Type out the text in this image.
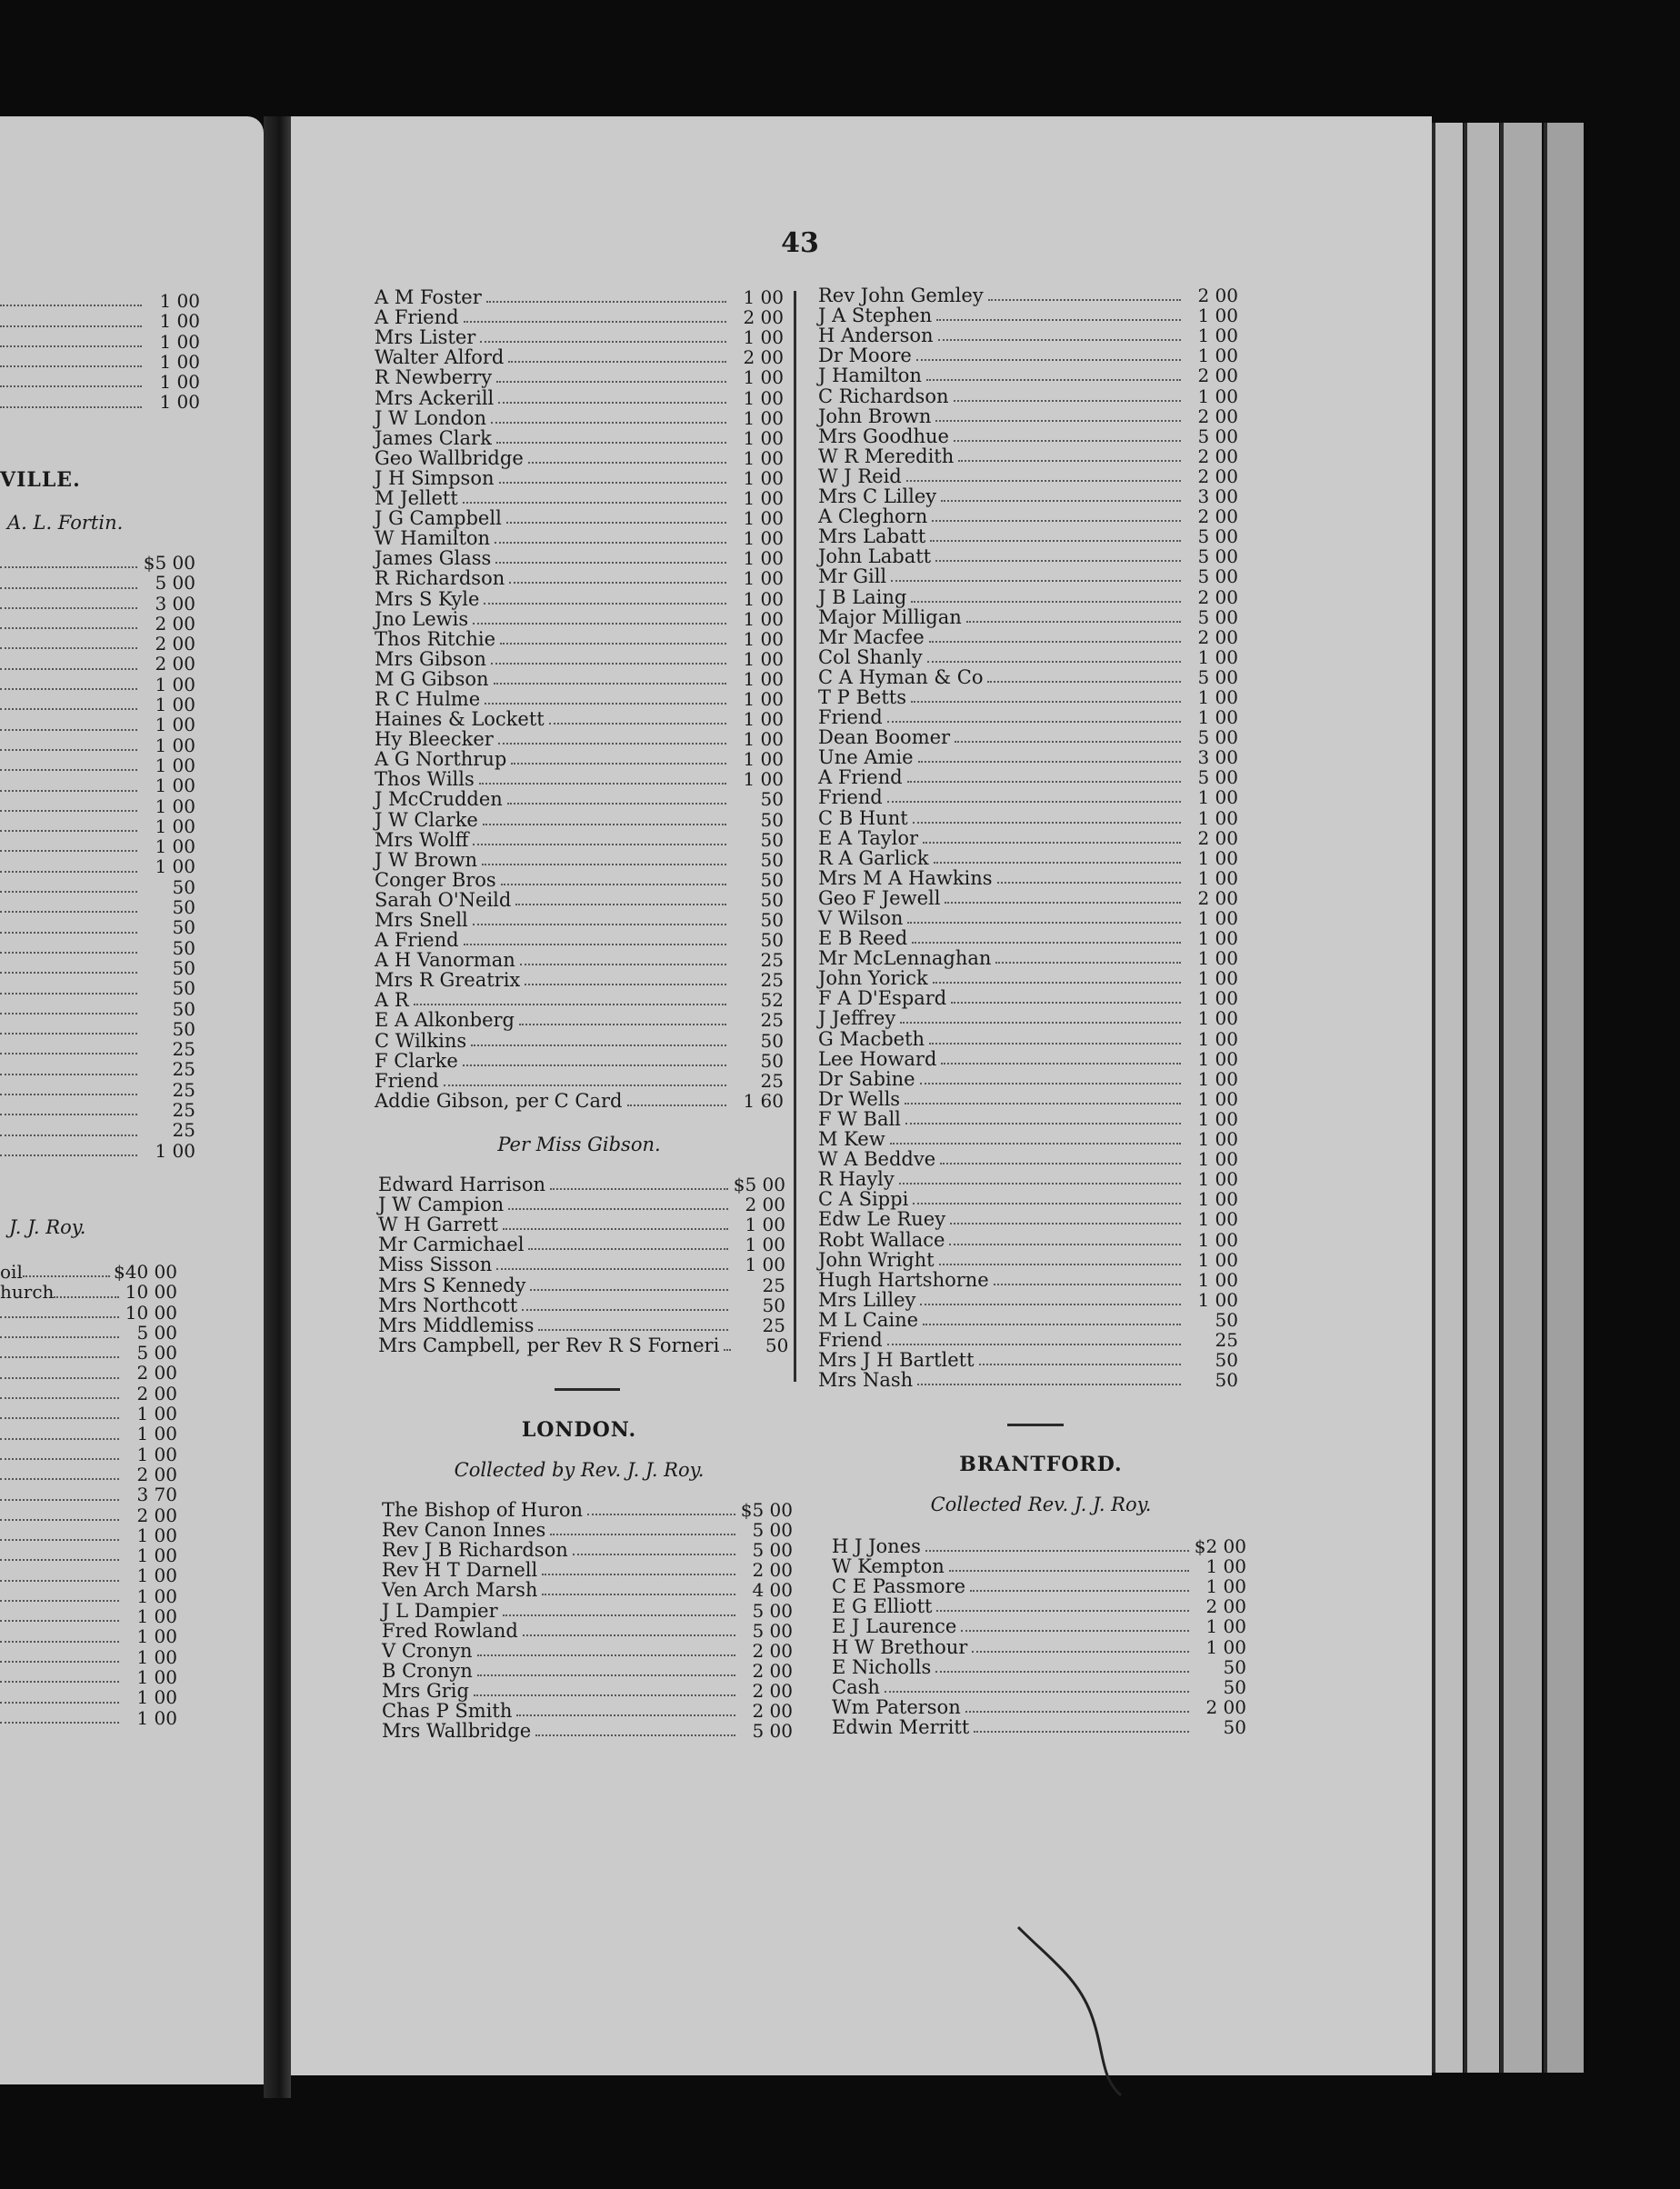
1 00
1 00
1 00
1 00
1 00
1 00
VILLE.
A. L. Fortin.
$5 00
5 00
3 00
2 00
2 00
2 00
1 00
1 00
1 00
1 00
1 00
1 00
1 00
1 00
1 00
1 00
50
50
50
50
50
50
50
50
25
25
25
25
25
1 00
J. J. Roy.
oil	$40 00
hurch	10 00
10 00
5 00
5 00
2 00
2 00
1 00
1 00
1 00
2 00
3 70
2 00
1 00
1 00
1 00
1 00
1 00
1 00
1 00
1 00
1 00
1 00
43
A M Foster	1 00
A Friend	2 00
Mrs Lister	1 00
Walter Alford	2 00
R Newberry	1 00
Mrs Ackerill	1 00
J W London	1 00
James Clark	1 00
Geo Wallbridge	1 00
J H Simpson	1 00
M Jellett	1 00
J G Campbell	1 00
W Hamilton	1 00
James Glass	1 00
R Richardson	1 00
Mrs S Kyle	1 00
Jno Lewis	1 00
Thos Ritchie	1 00
Mrs Gibson	1 00
M G Gibson	1 00
R C Hulme	1 00
Haines & Lockett	1 00
Hy Bleecker	1 00
A G Northrup	1 00
Thos Wills	1 00
J McCrudden	50
J W Clarke	50
Mrs Wolff	50
J W Brown	50
Conger Bros	50
Sarah O'Neild	50
Mrs Snell	50
A Friend	50
A H Vanorman	25
Mrs R Greatrix	25
A R	52
E A Alkonberg	25
C Wilkins	50
F Clarke	50
Friend	25
Addie Gibson, per C Card	1 60
Per Miss Gibson.
Edward Harrison	$5 00
J W Campion	2 00
W H Garrett	1 00
Mr Carmichael	1 00
Miss Sisson	1 00
Mrs S Kennedy	25
Mrs Northcott	50
Mrs Middlemiss	25
Mrs Campbell, per Rev R S Forneri	50
LONDON.
Collected by Rev. J. J. Roy.
The Bishop of Huron	$5 00
Rev Canon Innes	5 00
Rev J B Richardson	5 00
Rev H T Darnell	2 00
Ven Arch Marsh	4 00
J L Dampier	5 00
Fred Rowland	5 00
V Cronyn	2 00
B Cronyn	2 00
Mrs Grig	2 00
Chas P Smith	2 00
Mrs Wallbridge	5 00
Rev John Gemley	2 00
J A Stephen	1 00
H Anderson	1 00
Dr Moore	1 00
J Hamilton	2 00
C Richardson	1 00
John Brown	2 00
Mrs Goodhue	5 00
W R Meredith	2 00
W J Reid	2 00
Mrs C Lilley	3 00
A Cleghorn	2 00
Mrs Labatt	5 00
John Labatt	5 00
Mr Gill	5 00
J B Laing	2 00
Major Milligan	5 00
Mr Macfee	2 00
Col Shanly	1 00
C A Hyman & Co	5 00
T P Betts	1 00
Friend	1 00
Dean Boomer	5 00
Une Amie	3 00
A Friend	5 00
Friend	1 00
C B Hunt	1 00
E A Taylor	2 00
R A Garlick	1 00
Mrs M A Hawkins	1 00
Geo F Jewell	2 00
V Wilson	1 00
E B Reed	1 00
Mr McLennaghan	1 00
John Yorick	1 00
F A D'Espard	1 00
J Jeffrey	1 00
G Macbeth	1 00
Lee Howard	1 00
Dr Sabine	1 00
Dr Wells	1 00
F W Ball	1 00
M Kew	1 00
W A Beddve	1 00
R Hayly	1 00
C A Sippi	1 00
Edw Le Ruey	1 00
Robt Wallace	1 00
John Wright	1 00
Hugh Hartshorne	1 00
Mrs Lilley	1 00
M L Caine	50
Friend	25
Mrs J H Bartlett	50
Mrs Nash	50
BRANTFORD.
Collected Rev. J. J. Roy.
H J Jones	$2 00
W Kempton	1 00
C E Passmore	1 00
E G Elliott	2 00
E J Laurence	1 00
H W Brethour	1 00
E Nicholls	50
Cash	50
Wm Paterson	2 00
Edwin Merritt	50
